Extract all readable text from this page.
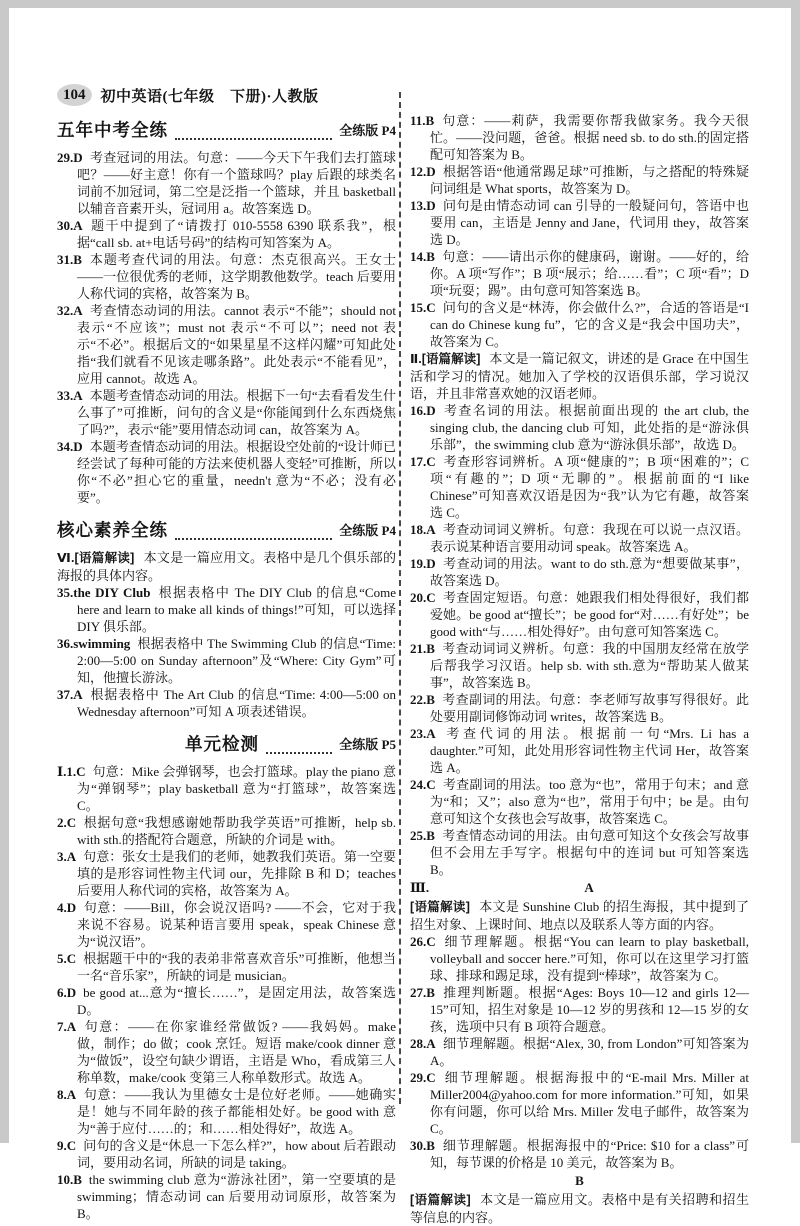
104	初中英语(七年级　下册)·人教版
五年中考全练	全练版 P4

29.D 考查冠词的用法。句意：——今天下午我们去打篮球吧？——好主意！你有一个篮球吗？play 后跟的球类名词前不加冠词，第二空是泛指一个篮球，并且 basketball 以辅音音素开头，冠词用 a。故答案选 D。

30.A 题干中提到了“请拨打 010-5558 6390 联系我”，根据“call sb. at+电话号码”的结构可知答案为 A。

31.B 本题考查代词的用法。句意：杰克很高兴。王女士——一位很优秀的老师，这学期教他数学。teach 后要用人称代词的宾格，故答案为 B。

32.A 考查情态动词的用法。cannot 表示“不能”；should not 表示“不应该”；must not 表示“不可以”；need not 表示“不必”。根据后文的“如果星星不这样闪耀”可知此处指“我们就看不见该走哪条路”。此处表示“不能看见”，应用 cannot。故选 A。

33.A 本题考查情态动词的用法。根据下一句“去看看发生什么事了”可推断，问句的含义是“你能闻到什么东西烧焦了吗?”，表示“能”要用情态动词 can，故答案为 A。

34.D 本题考查情态动词的用法。根据设空处前的“设计师已经尝试了每种可能的方法来使机器人变轻”可推断，所以你“不必”担心它的重量，needn't 意为“不必；没有必要”。

核心素养全练	全练版 P4

Ⅵ.[语篇解读] 本文是一篇应用文。表格中是几个俱乐部的海报的具体内容。

35.the DIY Club 根据表格中 The DIY Club 的信息“Come here and learn to make all kinds of things!”可知，可以选择 DIY 俱乐部。

36.swimming 根据表格中 The Swimming Club 的信息“Time: 2:00—5:00 on Sunday afternoon”及“Where: City Gym”可知，他擅长游泳。

37.A 根据表格中 The Art Club 的信息“Time: 4:00—5:00 on Wednesday afternoon”可知 A 项表述错误。

单元检测	全练版 P5

Ⅰ.1.C 句意：Mike 会弹钢琴，也会打篮球。play the piano 意为“弹钢琴”；play basketball 意为“打篮球”，故答案选 C。

2.C 根据句意“我想感谢她帮助我学英语”可推断，help sb. with sth.的搭配符合题意，所缺的介词是 with。

3.A 句意：张女士是我们的老师，她教我们英语。第一空要填的是形容词性物主代词 our，先排除 B 和 D；teaches 后要用人称代词的宾格，故答案为 A。

4.D 句意：——Bill，你会说汉语吗? ——不会，它对于我来说不容易。说某种语言要用 speak，speak Chinese 意为“说汉语”。

5.C 根据题干中的“我的表弟非常喜欢音乐”可推断，他想当一名“音乐家”，所缺的词是 musician。

6.D be good at...意为“擅长……”，是固定用法，故答案选 D。

7.A 句意：——在你家谁经常做饭? ——我妈妈。make 做，制作；do 做；cook 烹饪。短语 make/cook dinner 意为“做饭”，设空句缺少谓语，主语是 Who，看成第三人称单数，make/cook 变第三人称单数形式。故选 A。

8.A 句意：——我认为里德女士是位好老师。——她确实是！她与不同年龄的孩子都能相处好。be good with 意为“善于应付……的；和……相处得好”，故选 A。

9.C 问句的含义是“休息一下怎么样?”，how about 后若跟动词，要用动名词，所缺的词是 taking。

10.B the swimming club 意为“游泳社团”，第一空要填的是 swimming；情态动词 can 后要用动词原形，故答案为 B。

11.B 句意：——莉萨，我需要你帮我做家务。我今天很忙。——没问题，爸爸。根据 need sb. to do sth.的固定搭配可知答案为 B。

12.D 根据答语“他通常踢足球”可推断，与之搭配的特殊疑问词组是 What sports，故答案为 D。

13.D 问句是由情态动词 can 引导的一般疑问句，答语中也要用 can，主语是 Jenny and Jane，代词用 they，故答案选 D。

14.B 句意：——请出示你的健康码，谢谢。——好的，给你。A 项“写作”；B 项“展示；给……看”；C 项“看”；D 项“玩耍；踢”。由句意可知答案选 B。

15.C 问句的含义是“林涛，你会做什么?”，合适的答语是“I can do Chinese kung fu”，它的含义是“我会中国功夫”，故答案为 C。

Ⅱ.[语篇解读] 本文是一篇记叙文，讲述的是 Grace 在中国生活和学习的情况。她加入了学校的汉语俱乐部，学习说汉语，并且非常喜欢她的汉语老师。

16.D 考查名词的用法。根据前面出现的 the art club, the singing club, the dancing club 可知，此处指的是“游泳俱乐部”，the swimming club 意为“游泳俱乐部”，故选 D。

17.C 考查形容词辨析。A 项“健康的”；B 项“困难的”；C 项“有趣的”；D 项“无聊的”。根据前面的“I like Chinese”可知喜欢汉语是因为“我”认为它有趣，故答案选 C。

18.A 考查动词词义辨析。句意：我现在可以说一点汉语。表示说某种语言要用动词 speak。故答案选 A。

19.D 考查动词的用法。want to do sth.意为“想要做某事”，故答案选 D。

20.C 考查固定短语。句意：她跟我们相处得很好，我们都爱她。be good at“擅长”；be good for“对……有好处”；be good with“与……相处得好”。由句意可知答案选 C。

21.B 考查动词词义辨析。句意：我的中国朋友经常在放学后帮我学习汉语。help sb. with sth.意为“帮助某人做某事”，故答案选 B。

22.B 考查副词的用法。句意：李老师写故事写得很好。此处要用副词修饰动词 writes，故答案选 B。

23.A 考查代词的用法。根据前一句“Mrs. Li has a daughter.”可知，此处用形容词性物主代词 Her，故答案选 A。

24.C 考查副词的用法。too 意为“也”，常用于句末；and 意为“和；又”；also 意为“也”，常用于句中；be 是。由句意可知这个女孩也会写故事，故答案选 C。

25.B 考查情态动词的用法。由句意可知这个女孩会写故事但不会用左手写字。根据句中的连词 but 可知答案选 B。

Ⅲ.	A

[语篇解读] 本文是 Sunshine Club 的招生海报，其中提到了招生对象、上课时间、地点以及联系人等方面的内容。

26.C 细节理解题。根据“You can learn to play basketball, volleyball and soccer here.”可知，你可以在这里学习打篮球、排球和踢足球，没有提到“棒球”，故答案为 C。

27.B 推理判断题。根据“Ages: Boys 10—12 and girls 12—15”可知，招生对象是 10—12 岁的男孩和 12—15 岁的女孩，选项中只有 B 项符合题意。

28.A 细节理解题。根据“Alex, 30, from London”可知答案为 A。

29.C 细节理解题。根据海报中的“E-mail Mrs. Miller at Miller2004@yahoo.com for more information.”可知，如果你有问题，你可以给 Mrs. Miller 发电子邮件，故答案为 C。

30.B 细节理解题。根据海报中的“Price: $10 for a class”可知，每节课的价格是 10 美元，故答案为 B。

B

[语篇解读] 本文是一篇应用文。表格中是有关招聘和招生等信息的内容。
